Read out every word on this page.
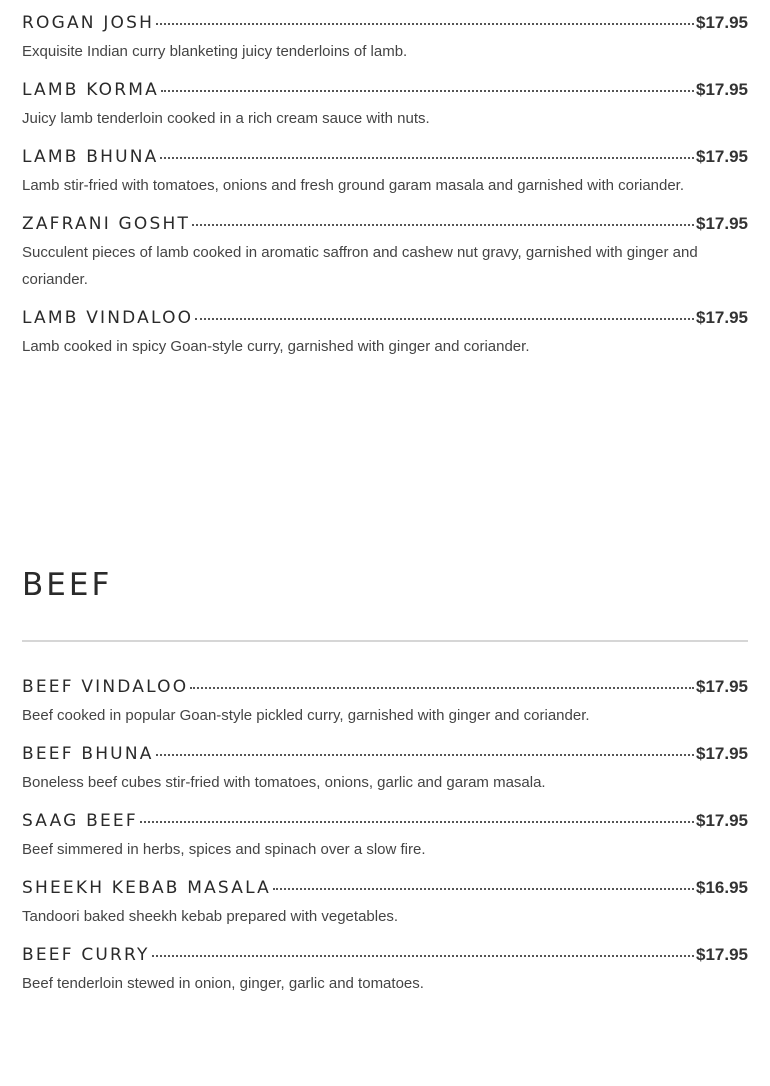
ROGAN JOSH	$17.95
Exquisite Indian curry blanketing juicy tenderloins of lamb.
LAMB KORMA	$17.95
Juicy lamb tenderloin cooked in a rich cream sauce with nuts.
LAMB BHUNA	$17.95
Lamb stir-fried with tomatoes, onions and fresh ground garam masala and garnished with coriander.
ZAFRANI GOSHT	$17.95
Succulent pieces of lamb cooked in aromatic saffron and cashew nut gravy, garnished with ginger and coriander.
LAMB VINDALOO	$17.95
Lamb cooked in spicy Goan-style curry, garnished with ginger and coriander.
BEEF
BEEF VINDALOO	$17.95
Beef cooked in popular Goan-style pickled curry, garnished with ginger and coriander.
BEEF BHUNA	$17.95
Boneless beef cubes stir-fried with tomatoes, onions, garlic and garam masala.
SAAG BEEF	$17.95
Beef simmered in herbs, spices and spinach over a slow fire.
SHEEKH KEBAB MASALA	$16.95
Tandoori baked sheekh kebab prepared with vegetables.
BEEF CURRY	$17.95
Beef tenderloin stewed in onion, ginger, garlic and tomatoes.
